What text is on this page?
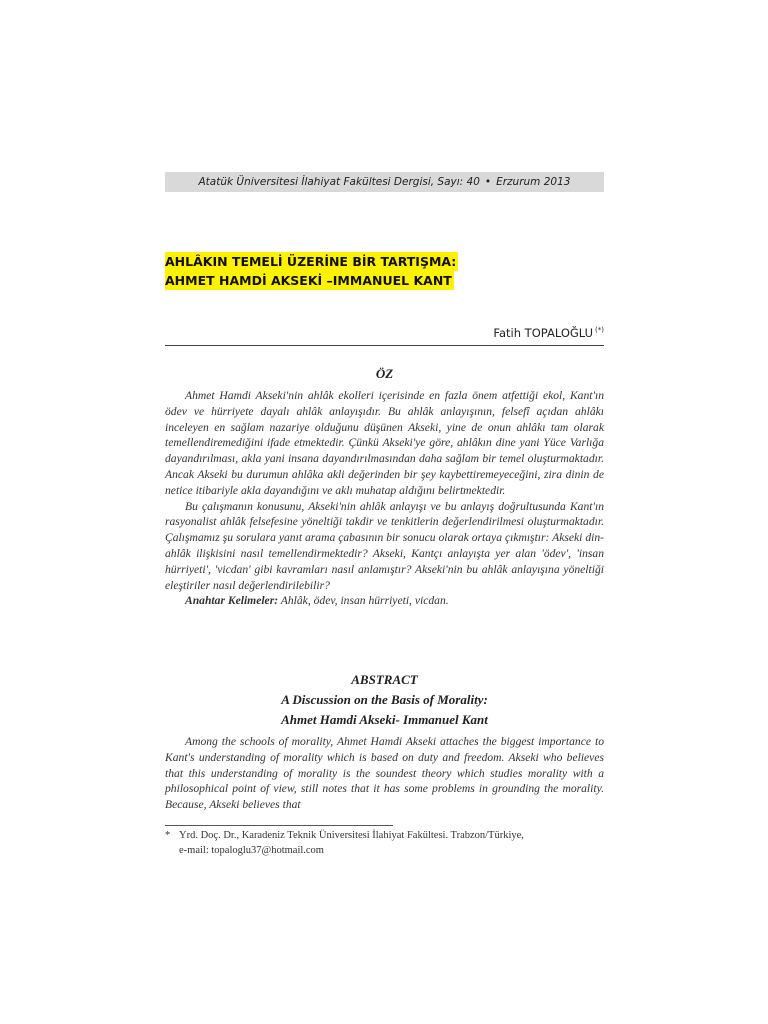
Atatük Üniversitesi İlahiyat Fakültesi Dergisi, Sayı: 40 • Erzurum 2013
AHLÂKIN TEMELİ ÜZERİNE BİR TARTIŞMA:
AHMET HAMDİ AKSEKİ –IMMANUEL KANT
Fatih TOPALOĞLU (*)
ÖZ

Ahmet Hamdi Akseki'nin ahlâk ekolleri içerisinde en fazla önem atfettiği ekol, Kant'ın ödev ve hürriyete dayalı ahlâk anlayışıdır. Bu ahlâk anlayışının, felsefî açıdan ahlâkı inceleyen en sağlam nazariye olduğunu düşünen Akseki, yine de onun ahlâkı tam olarak temellendiremediğini ifade etmektedir. Çünkü Akseki'ye göre, ahlâkın dine yani Yüce Varlığa dayandırılması, akla yani insana dayandırılmasından daha sağlam bir temel oluşturmaktadır. Ancak Akseki bu durumun ahlâka akli değerinden bir şey kaybettiremeyeceğini, zira dinin de netice itibariyle akla dayandığını ve aklı muhatap aldığını belirtmektedir.

Bu çalışmanın konusunu, Akseki'nin ahlâk anlayışı ve bu anlayış doğrultusunda Kant'ın rasyonalist ahlâk felsefesine yöneltiği takdir ve tenkitlerin değerlendirilmesi oluşturmaktadır. Çalışmamız şu sorulara yanıt arama çabasının bir sonucu olarak ortaya çıkmıştır: Akseki din-ahlâk ilişkisini nasıl temellendirmektedir? Akseki, Kantçı anlayışta yer alan 'ödev', 'insan hürriyeti', 'vicdan' gibi kavramları nasıl anlamıştır? Akseki'nin bu ahlâk anlayışına yöneltiği eleştiriler nasıl değerlendirilebilir?

Anahtar Kelimeler: Ahlâk, ödev, insan hürriyeti, vicdan.

ABSTRACT
A Discussion on the Basis of Morality:
Ahmet Hamdi Akseki- Immanuel Kant

Among the schools of morality, Ahmet Hamdi Akseki attaches the biggest importance to Kant's understanding of morality which is based on duty and freedom. Akseki who believes that this understanding of morality is the soundest theory which studies morality with a philosophical point of view, still notes that it has some problems in grounding the morality. Because, Akseki believes that

* Yrd. Doç. Dr., Karadeniz Teknik Üniversitesi İlahiyat Fakültesi. Trabzon/Türkiye,
e-mail: topaloglu37@hotmail.com
